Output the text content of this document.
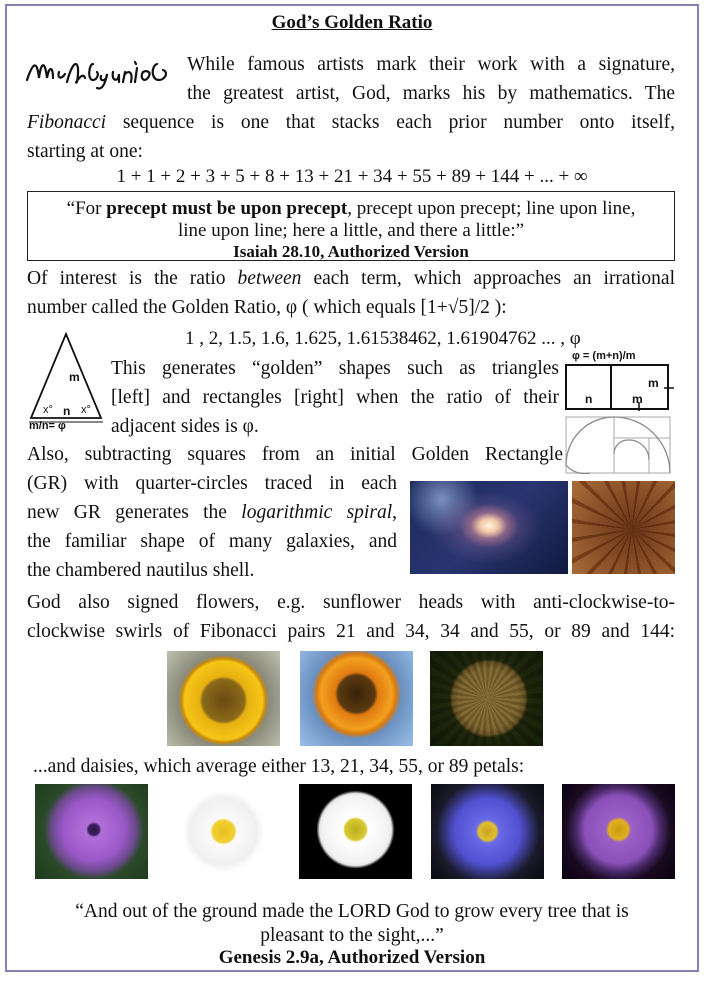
God’s Golden Ratio
While famous artists mark their work with a signature,
the greatest artist, God, marks his by mathematics. The
Fibonacci sequence is one that stacks each prior number onto itself,
starting at one:
1 + 1 + 2 + 3 + 5 + 8 + 13 + 21 + 34 + 55 + 89 + 144 + ... + ∞
“For precept must be upon precept, precept upon precept; line upon line,
line upon line; here a little, and there a little:”
Isaiah 28.10, Authorized Version
Of interest is the ratio between each term, which approaches an irrational
number called the Golden Ratio, φ ( which equals [1+√5]/2 ):
1 , 2, 1.5, 1.6, 1.625, 1.61538462, 1.61904762 ... , φ
m
x° n x°
m/n= φ
This generates “golden” shapes such as triangles
[left] and rectangles [right] when the ratio of their
adjacent sides is φ.
φ = (m+n)/m
n	m
m
Also, subtracting squares from an initial Golden Rectangle
(GR) with quarter-circles traced in each
new GR generates the logarithmic spiral,
the familiar shape of many galaxies, and
the chambered nautilus shell.
God also signed flowers, e.g. sunflower heads with anti-clockwise-to-
clockwise swirls of Fibonacci pairs 21 and 34, 34 and 55, or 89 and 144:
...and daisies, which average either 13, 21, 34, 55, or 89 petals:
“And out of the ground made the LORD God to grow every tree that is
pleasant to the sight,...”
Genesis 2.9a, Authorized Version
